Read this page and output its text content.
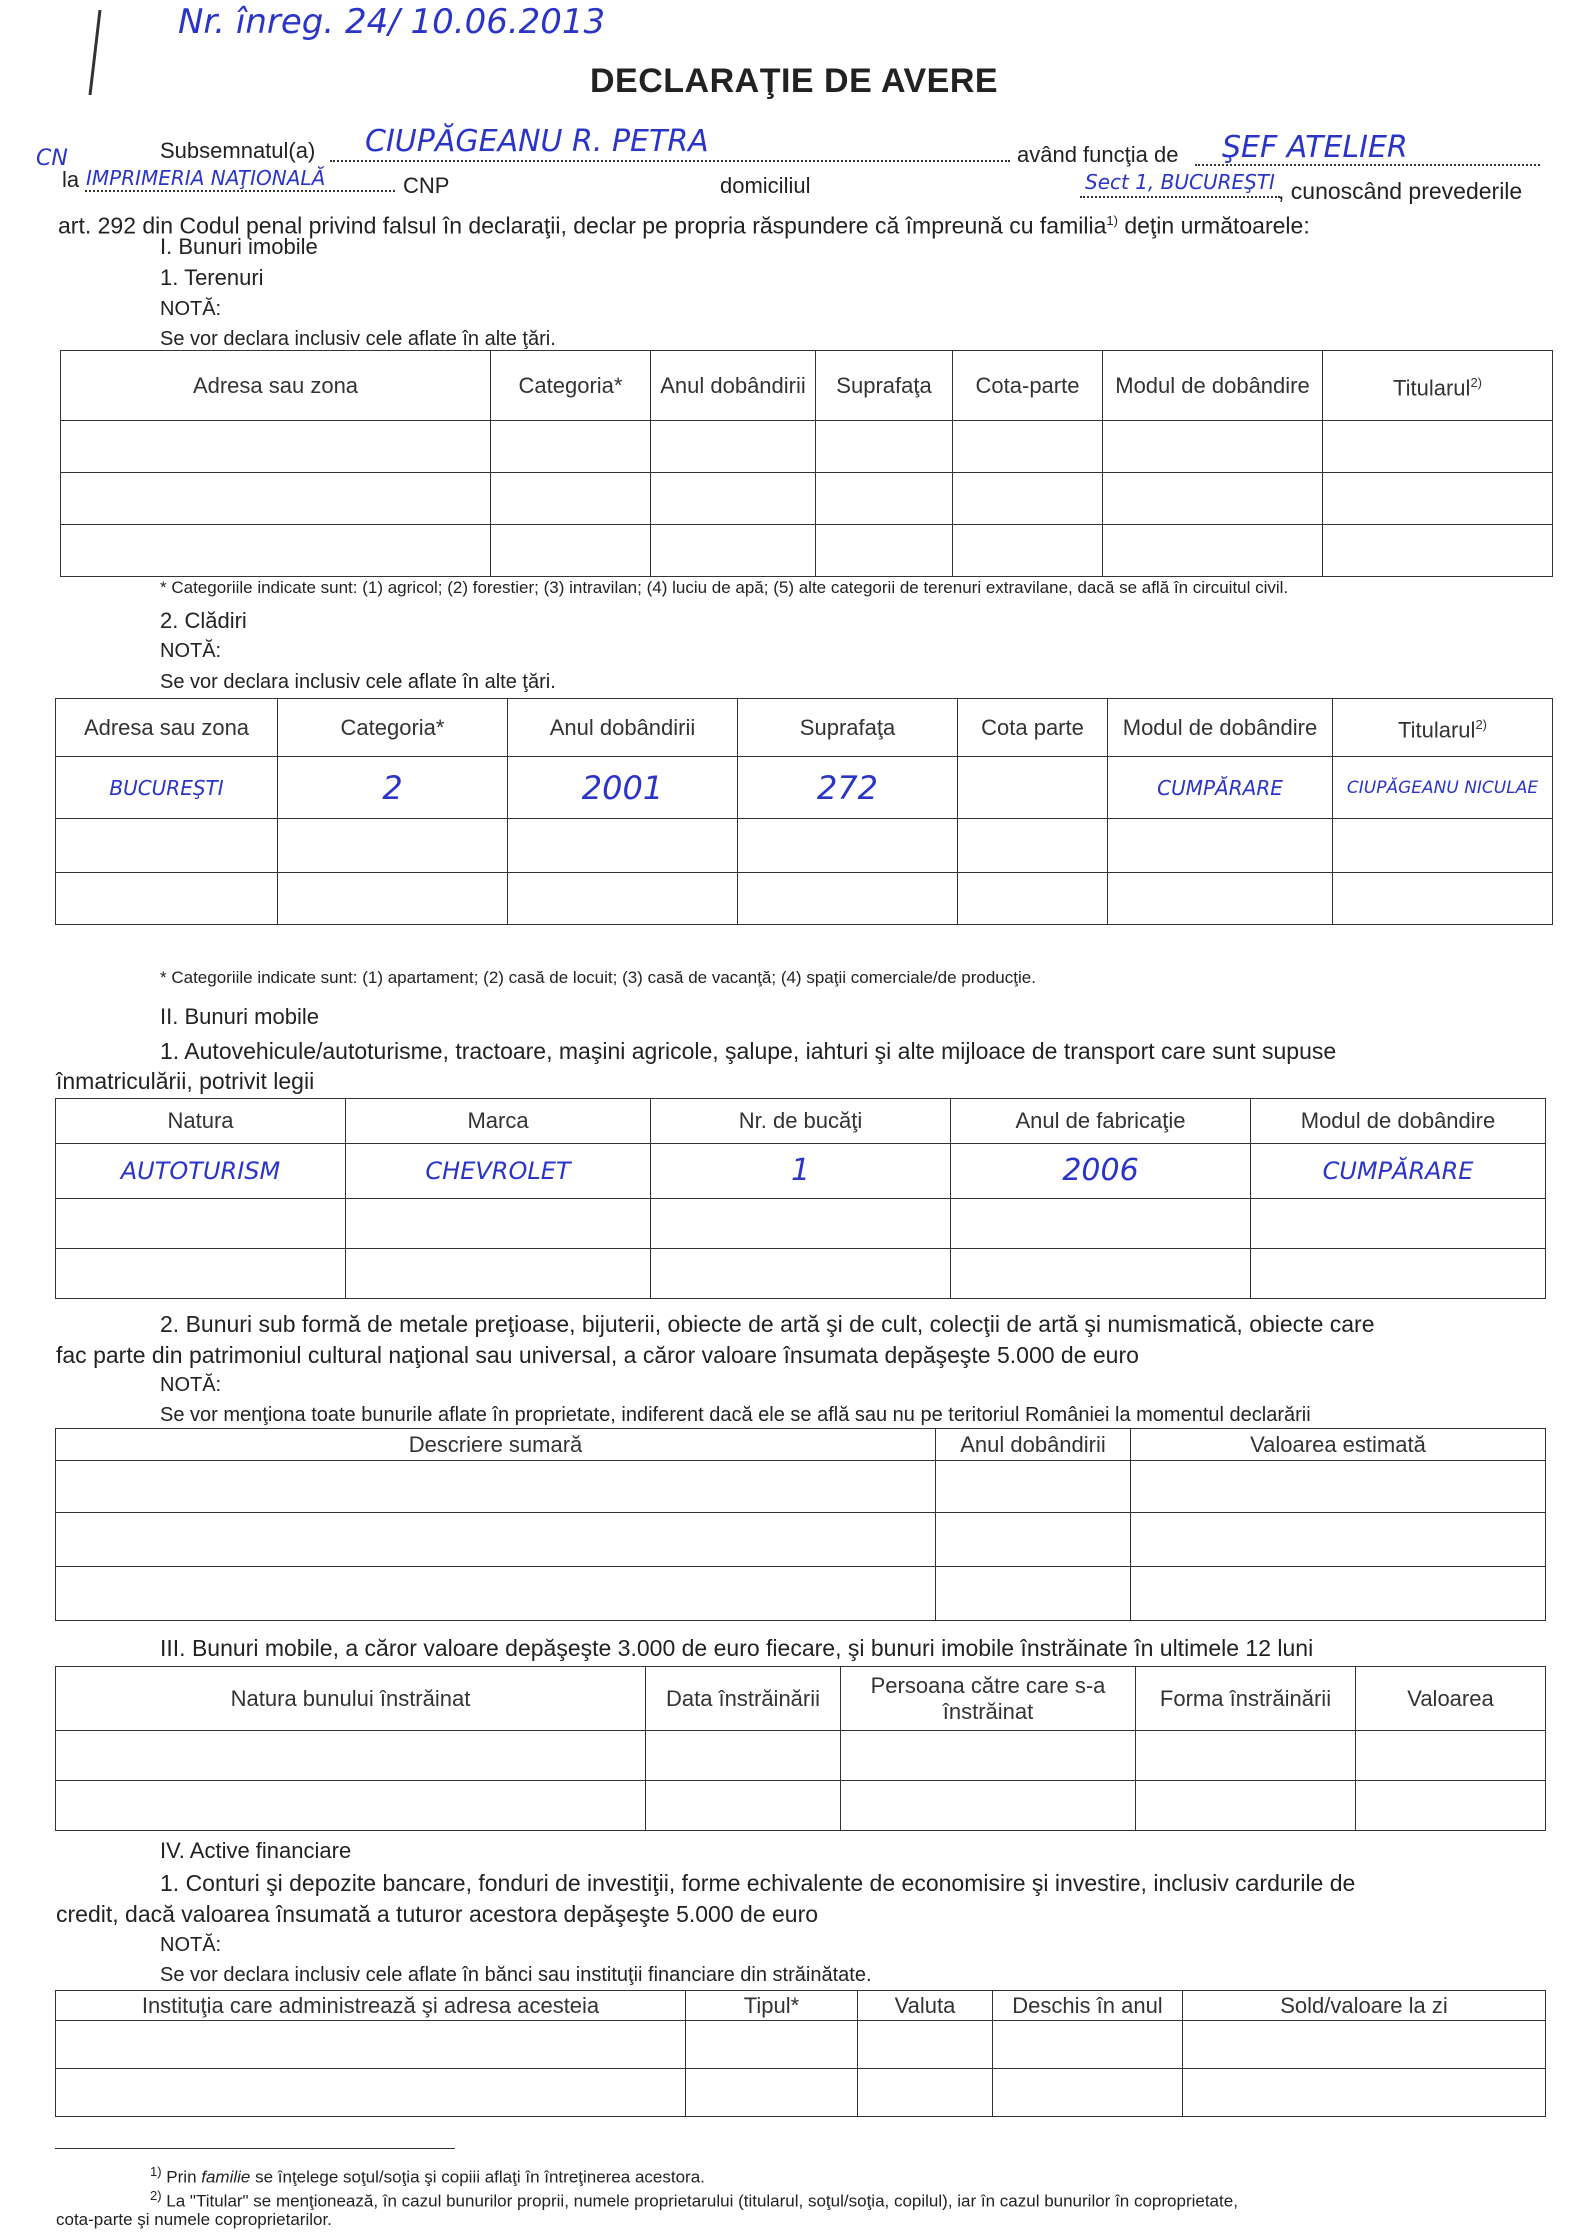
Nr. înreg. 24/ 10.06.2013
DECLARAŢIE DE AVERE
Subsemnatul(a) CIUPĂGEANU R. PETRA	având funcţia de ŞEF ATELIER
CN
la IMPRIMERIA NAŢIONALĂ	CNP	domiciliul	Sect 1, BUCUREŞTI , cunoscând prevederile
art. 292 din Codul penal privind falsul în declaraţii, declar pe propria răspundere că împreună cu familia$^{1)}$ deţin următoarele:
I. Bunuri imobile
1. Terenuri
NOTĂ:
Se vor declara inclusiv cele aflate în alte ţări.
Adresa sau zona	Categoria*	Anul dobândirii	Suprafaţa	Cota-parte	Modul de dobândire	Titularul$^{2)}$

* Categoriile indicate sunt: (1) agricol; (2) forestier; (3) intravilan; (4) luciu de apă; (5) alte categorii de terenuri extravilane, dacă se află în circuitul civil.
2. Clădiri
NOTĂ:
Se vor declara inclusiv cele aflate în alte ţări.
Adresa sau zona	Categoria*	Anul dobândirii	Suprafaţa	Cota parte	Modul de dobândire	Titularul$^{2)}$
BUCUREŞTI	2	2001	272		CUMPĂRARE	CIUPĂGEANU NICULAE

* Categoriile indicate sunt: (1) apartament; (2) casă de locuit; (3) casă de vacanţă; (4) spaţii comerciale/de producţie.
II. Bunuri mobile
1. Autovehicule/autoturisme, tractoare, maşini agricole, şalupe, iahturi şi alte mijloace de transport care sunt supuse
înmatriculării, potrivit legii
Natura	Marca	Nr. de bucăţi	Anul de fabricaţie	Modul de dobândire
AUTOTURISM	CHEVROLET	1	2006	CUMPĂRARE

2. Bunuri sub formă de metale preţioase, bijuterii, obiecte de artă şi de cult, colecţii de artă şi numismatică, obiecte care
fac parte din patrimoniul cultural naţional sau universal, a căror valoare însumata depăşeşte 5.000 de euro
NOTĂ:
Se vor menţiona toate bunurile aflate în proprietate, indiferent dacă ele se află sau nu pe teritoriul României la momentul declarării
Descriere sumară	Anul dobândirii	Valoarea estimată

III. Bunuri mobile, a căror valoare depăşeşte 3.000 de euro fiecare, şi bunuri imobile înstrăinate în ultimele 12 luni
Natura bunului înstrăinat	Data înstrăinării	Persoana către care s-a înstrăinat	Forma înstrăinării	Valoarea

IV. Active financiare
1. Conturi şi depozite bancare, fonduri de investiţii, forme echivalente de economisire şi investire, inclusiv cardurile de
credit, dacă valoarea însumată a tuturor acestora depăşeşte 5.000 de euro
NOTĂ:
Se vor declara inclusiv cele aflate în bănci sau instituţii financiare din străinătate.
Instituţia care administrează şi adresa acesteia	Tipul*	Valuta	Deschis în anul	Sold/valoare la zi

$^{1)}$ Prin familie se înţelege soţul/soţia şi copiii aflaţi în întreţinerea acestora.
$^{2)}$ La "Titular" se menţionează, în cazul bunurilor proprii, numele proprietarului (titularul, soţul/soţia, copilul), iar în cazul bunurilor în coproprietate,
cota-parte şi numele coproprietarilor.
